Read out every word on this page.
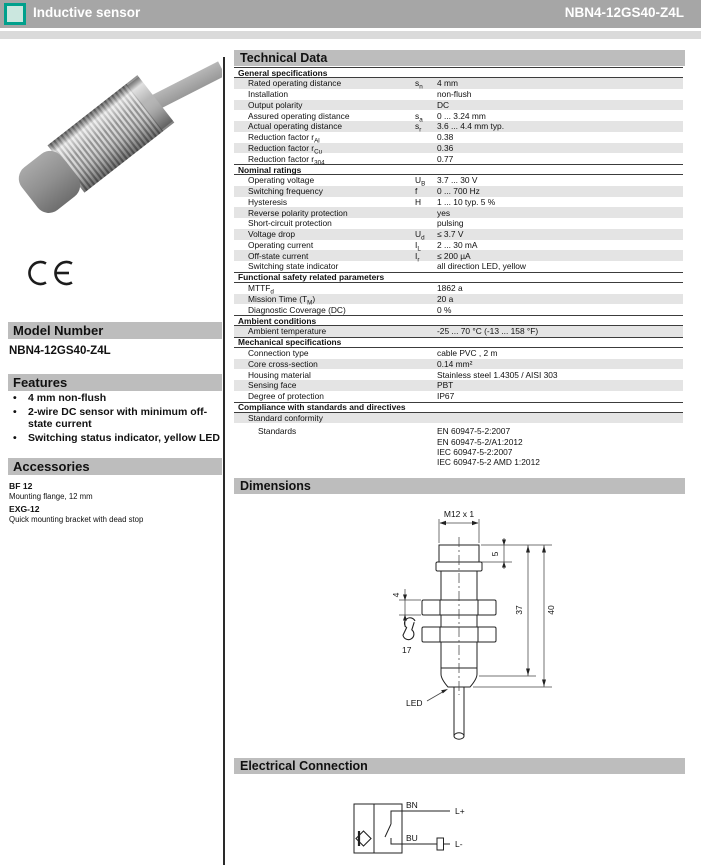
Inductive sensor	NBN4-12GS40-Z4L
Model Number
NBN4-12GS40-Z4L
Features
• 4 mm non-flush
• 2-wire DC sensor with minimum off-state current
• Switching status indicator, yellow LED
Accessories
BF 12
Mounting flange, 12 mm
EXG-12
Quick mounting bracket with dead stop
Technical Data
General specifications
Rated operating distance	$s_n$	4 mm
Installation	non-flush
Output polarity	DC
Assured operating distance	$s_a$	0 ... 3.24 mm
Actual operating distance	$s_r$	3.6 ... 4.4 mm typ.
Reduction factor $r_{Al}$	0.38
Reduction factor $r_{Cu}$	0.36
Reduction factor $r_{304}$	0.77
Nominal ratings
Operating voltage	$U_B$	3.7 ... 30 V
Switching frequency	f	0 ... 700 Hz
Hysteresis	H	1 ... 10 typ. 5 %
Reverse polarity protection	yes
Short-circuit protection	pulsing
Voltage drop	$U_d$	≤ 3.7 V
Operating current	$I_L$	2 ... 30 mA
Off-state current	$I_r$	≤ 200 µA
Switching state indicator	all direction LED, yellow
Functional safety related parameters
$MTTF_d$	1862 a
Mission Time $(T_M)$	20 a
Diagnostic Coverage (DC)	0 %
Ambient conditions
Ambient temperature	-25 ... 70 °C (-13 ... 158 °F)
Mechanical specifications
Connection type	cable PVC , 2 m
Core cross-section	0.14 mm²
Housing material	Stainless steel 1.4305 / AISI 303
Sensing face	PBT
Degree of protection	IP67
Compliance with standards and directives
Standard conformity
Standards	EN 60947-5-2:2007
EN 60947-5-2/A1:2012
IEC 60947-5-2:2007
IEC 60947-5-2 AMD 1:2012
Dimensions
M12 x 1
5
4
17
37	40
LED
Electrical Connection
BN
BU
L+
L-
